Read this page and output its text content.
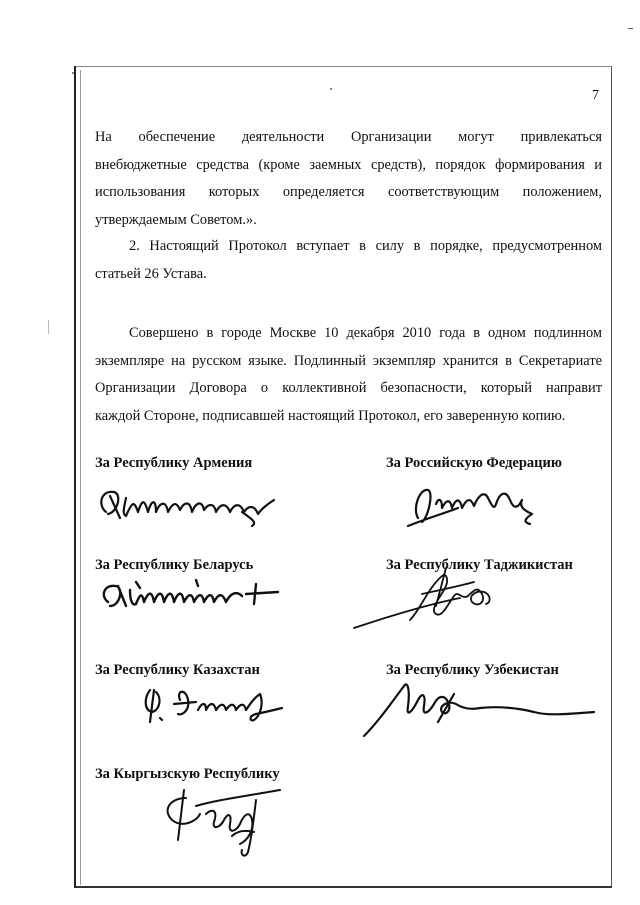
7
На обеспечение деятельности Организации могут привлекаться
внебюджетные средства (кроме заемных средств), порядок формирования и
использования которых определяется соответствующим положением,
утверждаемым Советом.».
2. Настоящий Протокол вступает в силу в порядке, предусмотренном
статьей 26 Устава.
Совершено в городе Москве 10 декабря 2010 года в одном подлинном
экземпляре на русском языке. Подлинный экземпляр хранится в Секретариате
Организации Договора о коллективной безопасности, который направит
каждой Стороне, подписавшей настоящий Протокол, его заверенную копию.
За Республику Армения	За Российскую Федерацию
За Республику Беларусь	За Республику Таджикистан
За Республику Казахстан	За Республику Узбекистан
За Кыргызскую Республику
